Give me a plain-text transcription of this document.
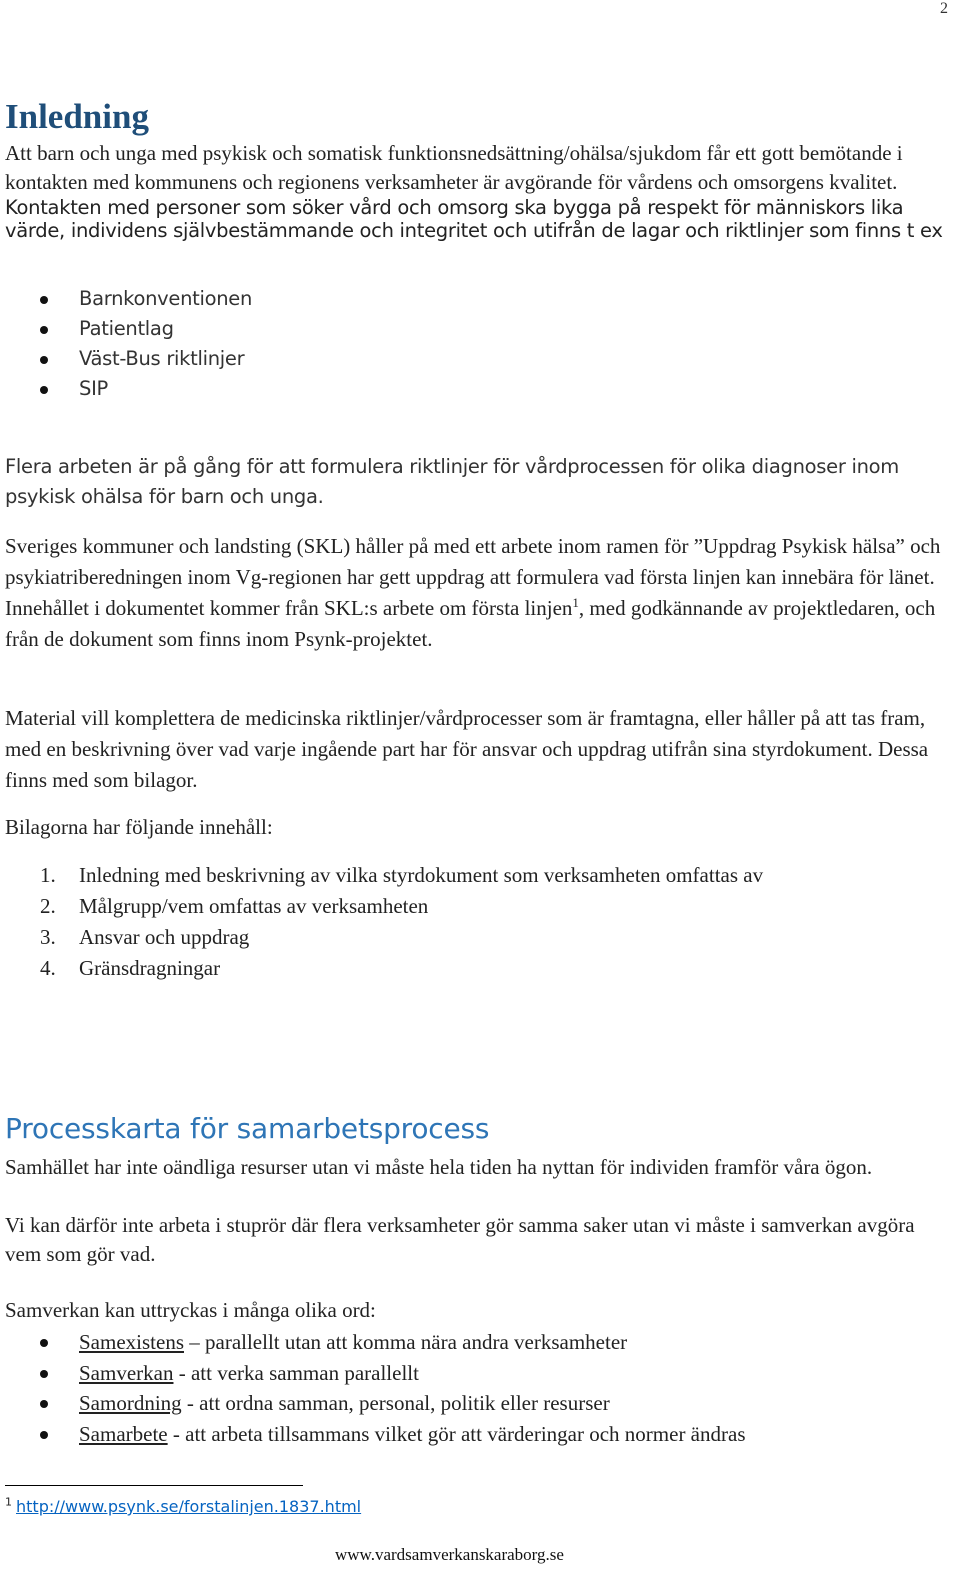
2
Inledning

Att barn och unga med psykisk och somatisk funktionsnedsättning/ohälsa/sjukdom får ett gott bemötande i kontakten med kommunens och regionens verksamheter är avgörande för vårdens och omsorgens kvalitet. Kontakten med personer som söker vård och omsorg ska bygga på respekt för människors lika värde, individens självbestämmande och integritet och utifrån de lagar och riktlinjer som finns t ex

Barnkonventionen
Patientlag
Väst-Bus riktlinjer
SIP

Flera arbeten är på gång för att formulera riktlinjer för vårdprocessen för olika diagnoser inom psykisk ohälsa för barn och unga.

Sveriges kommuner och landsting (SKL) håller på med ett arbete inom ramen för ”Uppdrag Psykisk hälsa” och psykiatriberedningen inom Vg-regionen har gett uppdrag att formulera vad första linjen kan innebära för länet. Innehållet i dokumentet kommer från SKL:s arbete om första linjen$^1$, med godkännande av projektledaren, och från de dokument som finns inom Psynk-projektet.

Material vill komplettera de medicinska riktlinjer/vårdprocesser som är framtagna, eller håller på att tas fram, med en beskrivning över vad varje ingående part har för ansvar och uppdrag utifrån sina styrdokument. Dessa finns med som bilagor.

Bilagorna har följande innehåll:

1. Inledning med beskrivning av vilka styrdokument som verksamheten omfattas av
2. Målgrupp/vem omfattas av verksamheten
3. Ansvar och uppdrag
4. Gränsdragningar
Processkarta för samarbetsprocess

Samhället har inte oändliga resurser utan vi måste hela tiden ha nyttan för individen framför våra ögon.

Vi kan därför inte arbeta i stuprör där flera verksamheter gör samma saker utan vi måste i samverkan avgöra vem som gör vad.

Samverkan kan uttryckas i många olika ord:

Samexistens – parallellt utan att komma nära andra verksamheter
Samverkan - att verka samman parallellt
Samordning - att ordna samman, personal, politik eller resurser
Samarbete - att arbeta tillsammans vilket gör att värderingar och normer ändras
$^1$ http://www.psynk.se/forstalinjen.1837.html
www.vardsamverkanskaraborg.se
